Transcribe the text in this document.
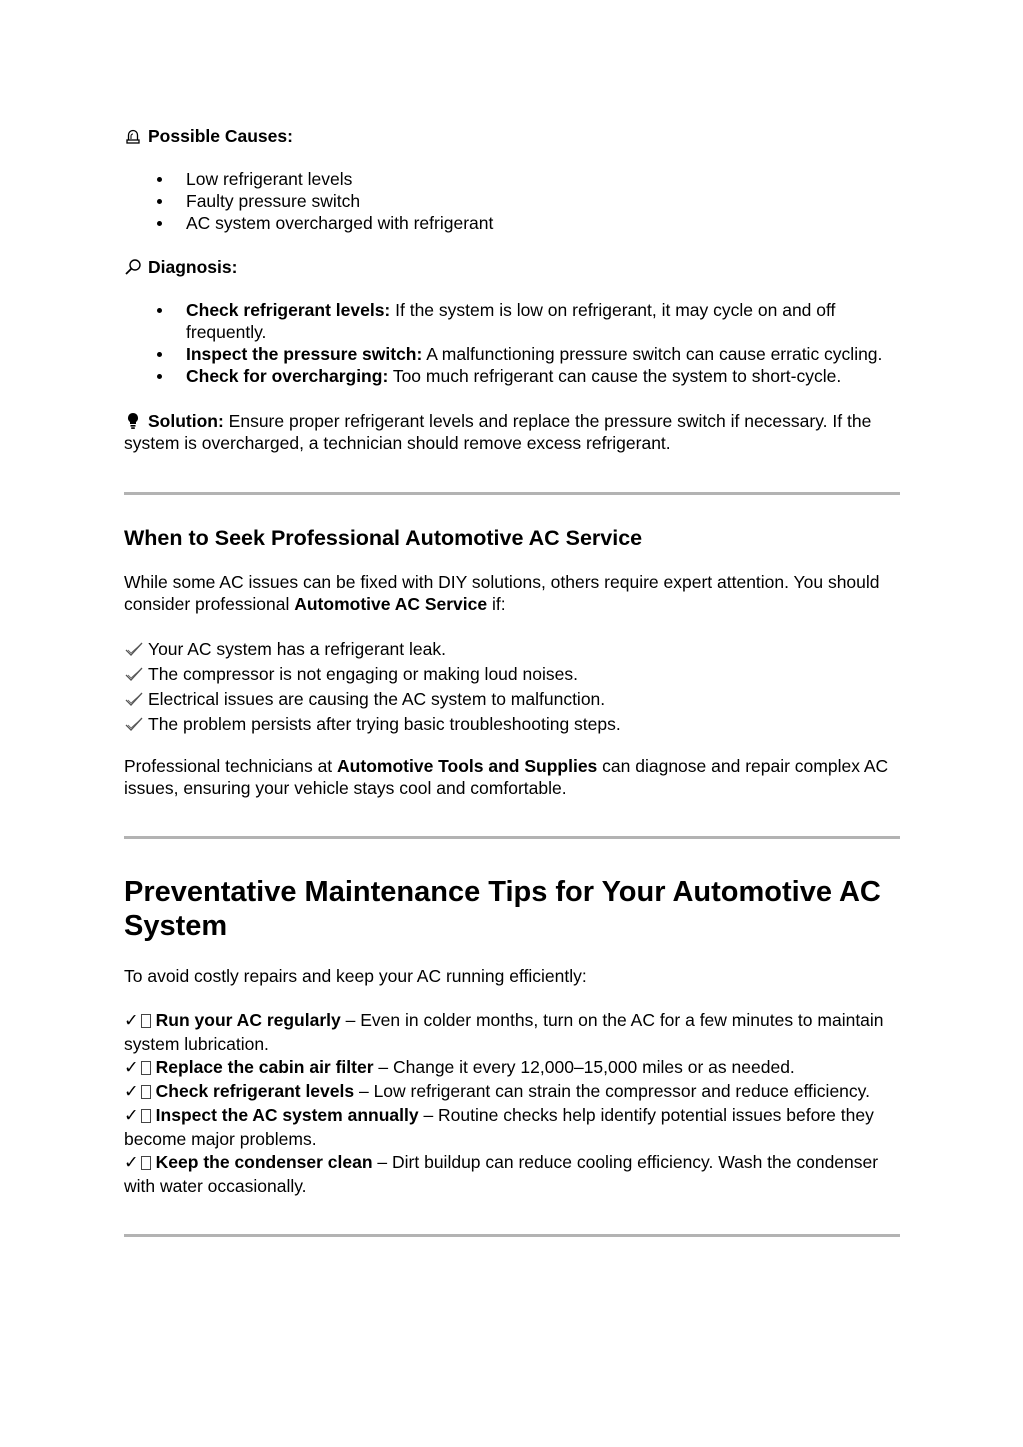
Possible Causes:

Low refrigerant levels
Faulty pressure switch
AC system overcharged with refrigerant

Diagnosis:

Check refrigerant levels: If the system is low on refrigerant, it may cycle on and off frequently.
Inspect the pressure switch: A malfunctioning pressure switch can cause erratic cycling.
Check for overcharging: Too much refrigerant can cause the system to short-cycle.

Solution: Ensure proper refrigerant levels and replace the pressure switch if necessary. If the system is overcharged, a technician should remove excess refrigerant.

When to Seek Professional Automotive AC Service

While some AC issues can be fixed with DIY solutions, others require expert attention. You should consider professional Automotive AC Service if:

Your AC system has a refrigerant leak.

The compressor is not engaging or making loud noises.

Electrical issues are causing the AC system to malfunction.

The problem persists after trying basic troubleshooting steps.

Professional technicians at Automotive Tools and Supplies can diagnose and repair complex AC issues, ensuring your vehicle stays cool and comfortable.

Preventative Maintenance Tips for Your Automotive AC System

To avoid costly repairs and keep your AC running efficiently:

✓ Run your AC regularly – Even in colder months, turn on the AC for a few minutes to maintain system lubrication.

✓ Replace the cabin air filter – Change it every 12,000–15,000 miles or as needed.

✓ Check refrigerant levels – Low refrigerant can strain the compressor and reduce efficiency.

✓ Inspect the AC system annually – Routine checks help identify potential issues before they become major problems.

✓ Keep the condenser clean – Dirt buildup can reduce cooling efficiency. Wash the condenser with water occasionally.
